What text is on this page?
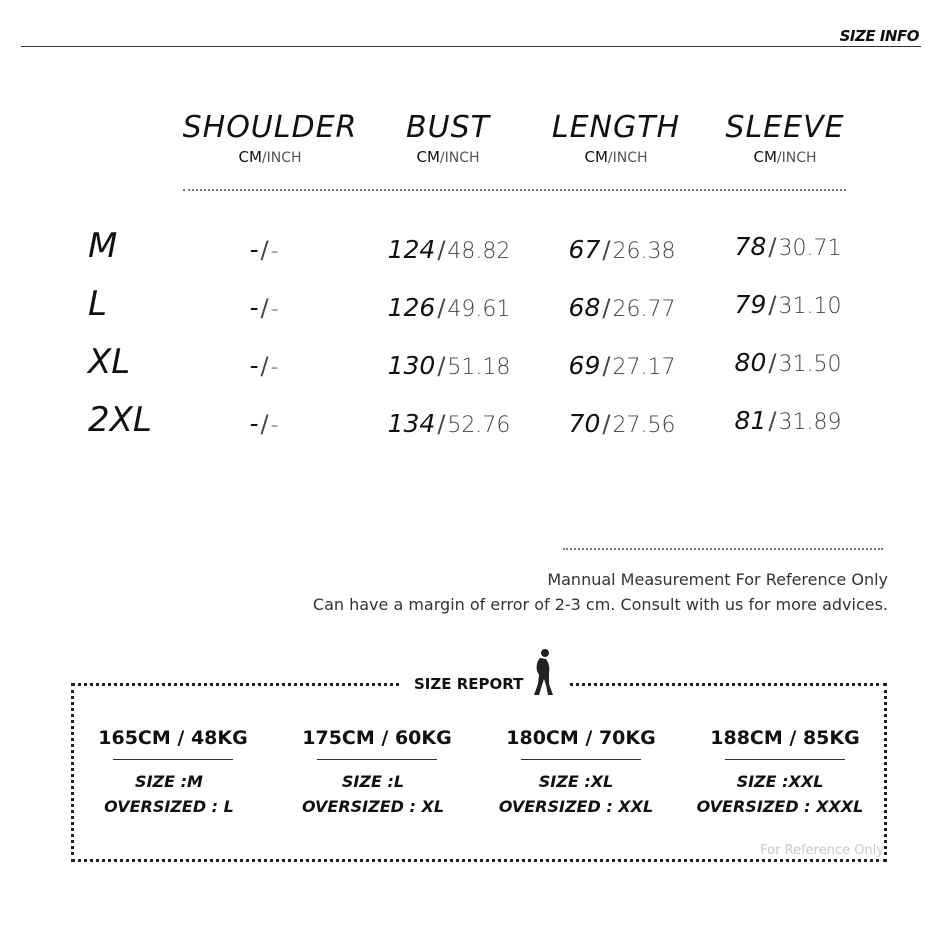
SIZE INFO
SHOULDER
CM/INCH
BUST
CM/INCH
LENGTH
CM/INCH
SLEEVE
CM/INCH
M	-/-	124/48.82	67/26.38	78/30.71
L	-/-	126/49.61	68/26.77	79/31.10
XL	-/-	130/51.18	69/27.17	80/31.50
2XL	-/-	134/52.76	70/27.56	81/31.89
Mannual Measurement For Reference Only
Can have a margin of error of 2-3 cm. Consult with us for more advices.
SIZE REPORT
165CM / 48KG
SIZE :M
OVERSIZED : L
175CM / 60KG
SIZE :L
OVERSIZED : XL
180CM / 70KG
SIZE :XL
OVERSIZED : XXL
188CM / 85KG
SIZE :XXL
OVERSIZED : XXXL
For Reference Only
